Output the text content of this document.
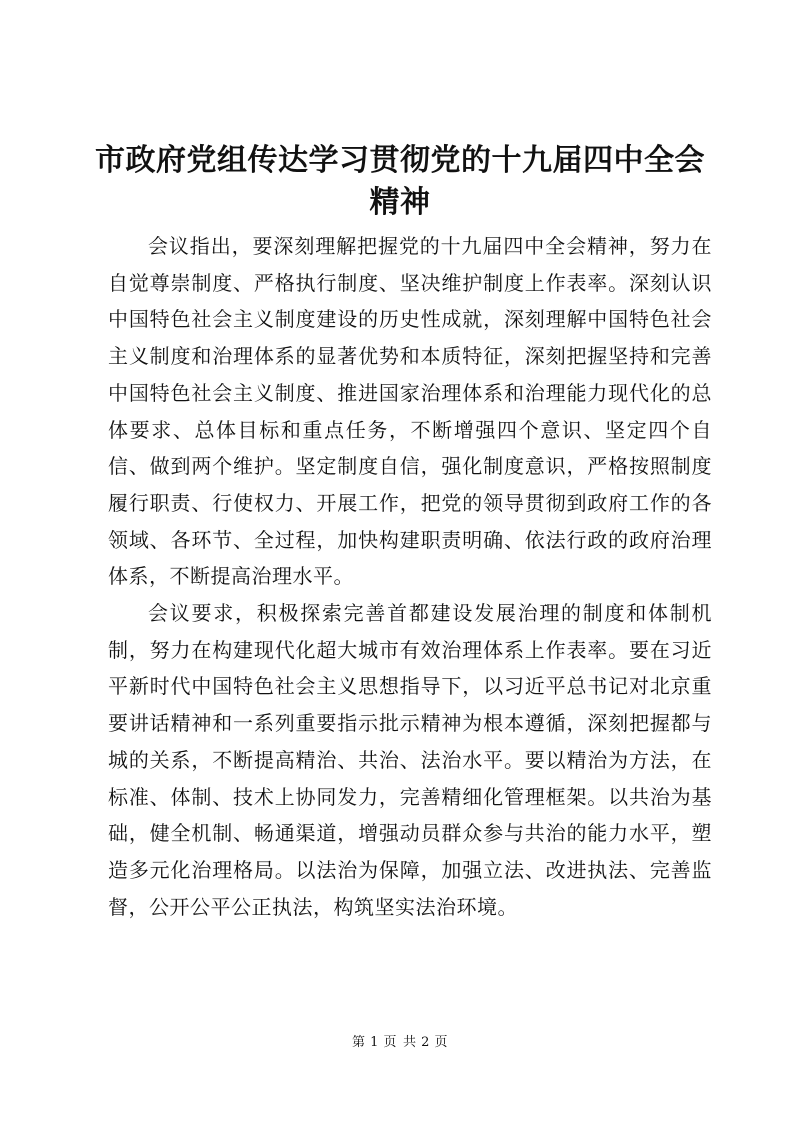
市政府党组传达学习贯彻党的十九届四中全会精神

会议指出，要深刻理解把握党的十九届四中全会精神，努力在自觉尊崇制度、严格执行制度、坚决维护制度上作表率。深刻认识中国特色社会主义制度建设的历史性成就，深刻理解中国特色社会主义制度和治理体系的显著优势和本质特征，深刻把握坚持和完善中国特色社会主义制度、推进国家治理体系和治理能力现代化的总体要求、总体目标和重点任务，不断增强四个意识、坚定四个自信、做到两个维护。坚定制度自信，强化制度意识，严格按照制度履行职责、行使权力、开展工作，把党的领导贯彻到政府工作的各领域、各环节、全过程，加快构建职责明确、依法行政的政府治理体系，不断提高治理水平。

会议要求，积极探索完善首都建设发展治理的制度和体制机制，努力在构建现代化超大城市有效治理体系上作表率。要在习近平新时代中国特色社会主义思想指导下，以习近平总书记对北京重要讲话精神和一系列重要指示批示精神为根本遵循，深刻把握都与城的关系，不断提高精治、共治、法治水平。要以精治为方法，在标准、体制、技术上协同发力，完善精细化管理框架。以共治为基础，健全机制、畅通渠道，增强动员群众参与共治的能力水平，塑造多元化治理格局。以法治为保障，加强立法、改进执法、完善监督，公开公平公正执法，构筑坚实法治环境。

第 1 页 共 2 页
